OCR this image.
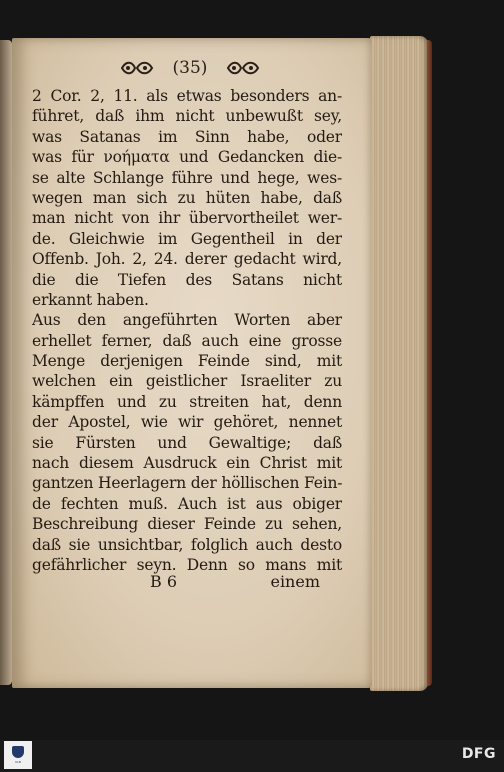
(35)
2 Cor. 2, 11. als etwas besonders an-
führet, daß ihm nicht unbewußt sey,
was Satanas im Sinn habe, oder
was für νοήματα und Gedancken die-
se alte Schlange führe und hege, wes-
wegen man sich zu hüten habe, daß
man nicht von ihr übervortheilet wer-
de. Gleichwie im Gegentheil in der
Offenb. Joh. 2, 24. derer gedacht wird,
die die Tiefen des Satans nicht
erkannt haben.
Aus den angeführten Worten aber
erhellet ferner, daß auch eine grosse
Menge derjenigen Feinde sind, mit
welchen ein geistlicher Israeliter zu
kämpffen und zu streiten hat, denn
der Apostel, wie wir gehöret, nennet
sie Fürsten und Gewaltige; daß
nach diesem Ausdruck ein Christ mit
gantzen Heerlagern der höllischen Fein-
de fechten muß. Auch ist aus obiger
Beschreibung dieser Feinde zu sehen,
daß sie unsichtbar, folglich auch desto
gefährlicher seyn. Denn so mans mit
B 6	einem
ULB	DFG
